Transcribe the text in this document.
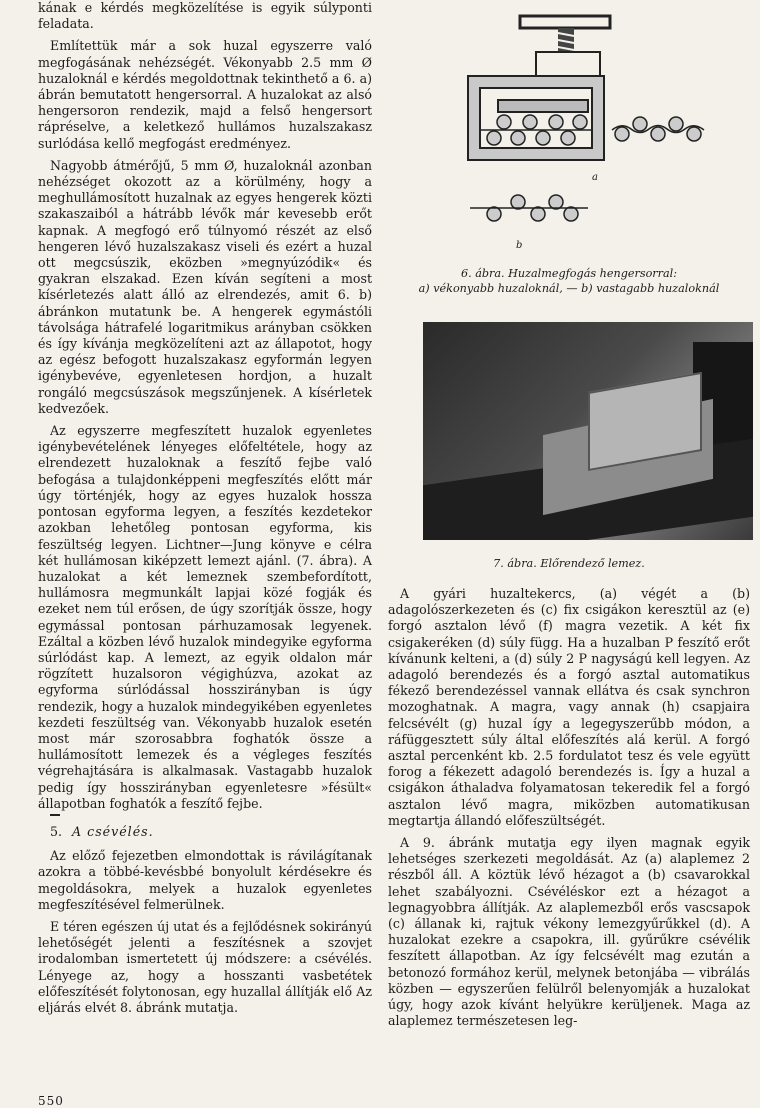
kának e kérdés megközelítése is egyik súlyponti feladata.

Említettük már a sok huzal egyszerre való megfogásának nehézségét. Vékonyabb 2.5 mm Ø huzaloknál e kérdés megoldottnak tekinthető a 6. a) ábrán bemutatott hengersorral. A huzalokat az alsó hengersoron rendezik, majd a felső hengersort rápréselve, a keletkező hullámos huzalszakasz surlódása kellő megfogást eredményez.

Nagyobb átmérőjű, 5 mm Ø, huzaloknál azonban nehézséget okozott az a körülmény, hogy a meghullámosított huzalnak az egyes hengerek közti szakaszaiból a hátrább lévők már kevesebb erőt kapnak. A megfogó erő túlnyomó részét az első hengeren lévő huzalszakasz viseli és ezért a huzal ott megcsúszik, eközben »megnyúzódik« és gyakran elszakad. Ezen kíván segíteni a most kísérletezés alatt álló az elrendezés, amit 6. b) ábránkon mutatunk be. A hengerek egymástóli távolsága hátrafelé logaritmikus arányban csökken és így kívánja megközelíteni azt az állapotot, hogy az egész befogott huzalszakasz egyformán legyen igénybevéve, egyenletesen hordjon, a huzalt rongáló megcsúszások megszűnjenek. A kísérletek kedvezőek.

Az egyszerre megfeszített huzalok egyenletes igénybevételének lényeges előfeltétele, hogy az elrendezett huzaloknak a feszítő fejbe való befogása a tulajdonképpeni megfeszítés előtt már úgy történjék, hogy az egyes huzalok hossza pontosan egyforma legyen, a feszítés kezdetekor azokban lehetőleg pontosan egyforma, kis feszültség legyen. Lichtner—Jung könyve e célra két hullámosan kiképzett lemezt ajánl. (7. ábra). A huzalokat a két lemeznek szembefordított, hullámosra megmunkált lapjai közé fogják és ezeket nem túl erősen, de úgy szorítják össze, hogy egymással pontosan párhuzamosak legyenek. Ezáltal a közben lévő huzalok mindegyike egyforma súrlódást kap. A lemezt, az egyik oldalon már rögzített huzalsoron végighúzva, azokat az egyforma súrlódással hosszirányban is úgy rendezik, hogy a huzalok mindegyikében egyenletes kezdeti feszültség van. Vékonyabb huzalok esetén most már szorosabbra foghatók össze a hullámosított lemezek és a végleges feszítés végrehajtására is alkalmasak. Vastagabb huzalok pedig így hosszirányban egyenletesre »fésült« állapotban foghatók a feszítő fejbe.

5. A csévélés.

Az előző fejezetben elmondottak is rávilágítanak azokra a többé-kevésbbé bonyolult kérdésekre és megoldásokra, melyek a huzalok egyenletes megfeszítésével felmerülnek.

E téren egészen új utat és a fejlődésnek sokirányú lehetőségét jelenti a feszítésnek a szovjet irodalomban ismertetett új módszere: a csévélés. Lényege az, hogy a hosszanti vasbetétek előfeszítését folytonosan, egy huzallal állítják elő Az eljárás elvét 8. ábránk mutatja.

a
b
6. ábra. Huzalmegfogás hengersorral:
a) vékonyabb huzaloknál, — b) vastagabb huzaloknál
7. ábra. Előrendező lemez.

A gyári huzaltekercs, (a) végét a (b) adagolószerkezeten és (c) fix csigákon keresztül az (e) forgó asztalon lévő (f) magra vezetik. A két fix csigakeréken (d) súly függ. Ha a huzalban P feszítő erőt kívánunk kelteni, a (d) súly 2 P nagyságú kell legyen. Az adagoló berendezés és a forgó asztal automatikus fékező berendezéssel vannak ellátva és csak synchron mozoghatnak. A magra, vagy annak (h) csapjaira felcsévélt (g) huzal így a legegyszerűbb módon, a ráfüggesztett súly által előfeszítés alá kerül. A forgó asztal percenként kb. 2.5 fordulatot tesz és vele együtt forog a fékezett adagoló berendezés is. Így a huzal a csigákon áthaladva folyamatosan tekeredik fel a forgó asztalon lévő magra, miközben automatikusan megtartja állandó előfeszültségét.

A 9. ábránk mutatja egy ilyen magnak egyik lehetséges szerkezeti megoldását. Az (a) alaplemez 2 részből áll. A köztük lévő hézagot a (b) csavarokkal lehet szabályozni. Csévéléskor ezt a hézagot a legnagyobbra állítják. Az alaplemezből erős vascsapok (c) állanak ki, rajtuk vékony lemezgyűrűkkel (d). A huzalokat ezekre a csapokra, ill. gyűrűkre csévélik feszített állapotban. Az így felcsévélt mag ezután a betonozó formához kerül, melynek betonjába — vibrálás közben — egyszerűen felülről belenyomják a huzalokat úgy, hogy azok kívánt helyükre kerüljenek. Maga az alaplemez természetesen leg-

550
